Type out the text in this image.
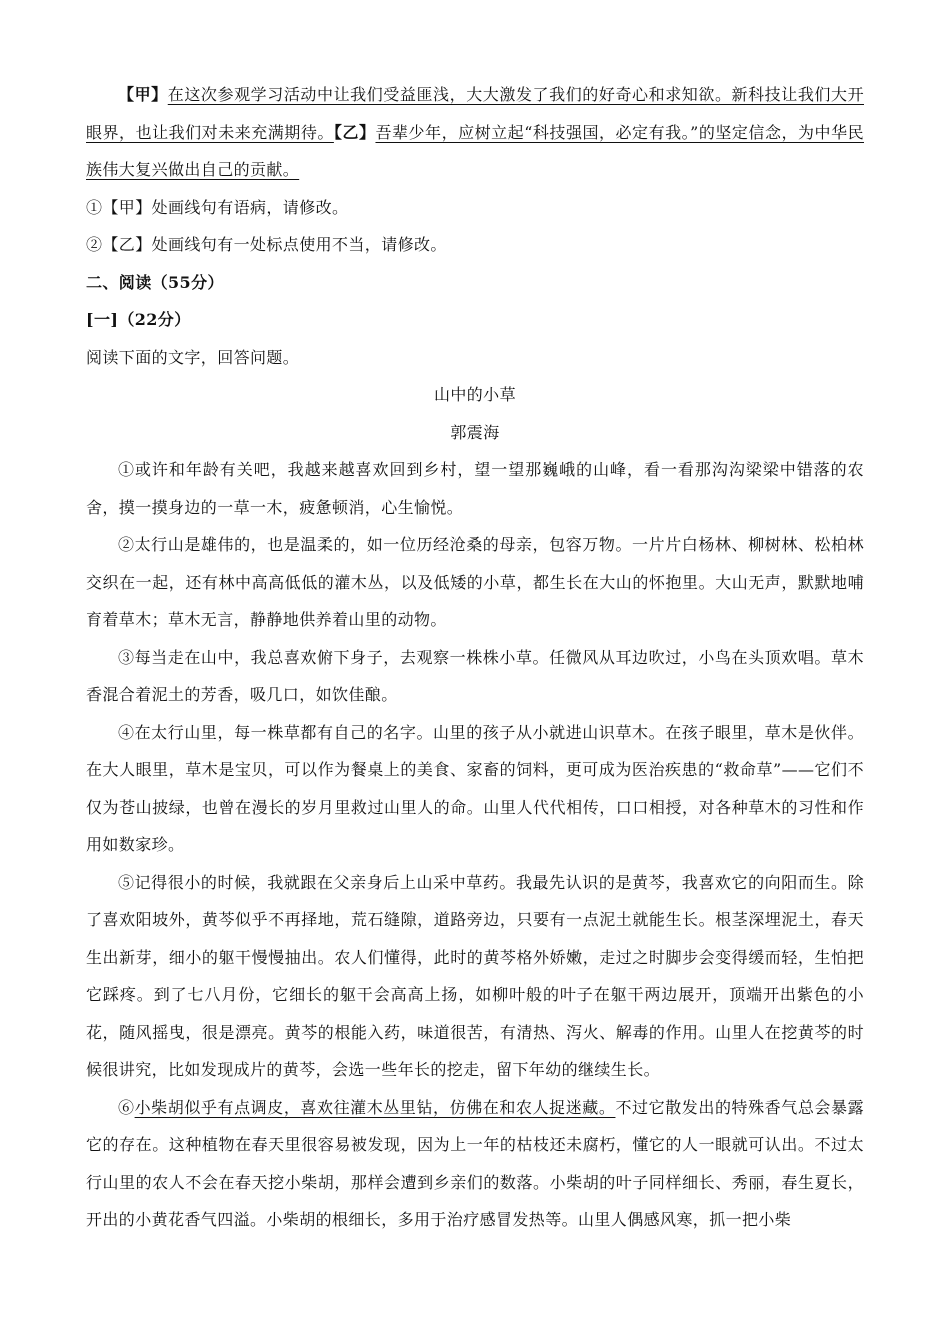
【甲】在这次参观学习活动中让我们受益匪浅，大大激发了我们的好奇心和求知欲。新科技让我们大开眼界，也让我们对未来充满期待。【乙】吾辈少年，应树立起“科技强国，必定有我。”的坚定信念，为中华民族伟大复兴做出自己的贡献。

①【甲】处画线句有语病，请修改。

②【乙】处画线句有一处标点使用不当，请修改。

二、阅读（55分）

[一]（22分）

阅读下面的文字，回答问题。

山中的小草

郭震海

①或许和年龄有关吧，我越来越喜欢回到乡村，望一望那巍峨的山峰，看一看那沟沟梁梁中错落的农舍，摸一摸身边的一草一木，疲惫顿消，心生愉悦。

②太行山是雄伟的，也是温柔的，如一位历经沧桑的母亲，包容万物。一片片白杨林、柳树林、松柏林交织在一起，还有林中高高低低的灌木丛，以及低矮的小草，都生长在大山的怀抱里。大山无声，默默地哺育着草木；草木无言，静静地供养着山里的动物。

③每当走在山中，我总喜欢俯下身子，去观察一株株小草。任微风从耳边吹过，小鸟在头顶欢唱。草木香混合着泥土的芳香，吸几口，如饮佳酿。

④在太行山里，每一株草都有自己的名字。山里的孩子从小就进山识草木。在孩子眼里，草木是伙伴。在大人眼里，草木是宝贝，可以作为餐桌上的美食、家畜的饲料，更可成为医治疾患的“救命草”——它们不仅为苍山披绿，也曾在漫长的岁月里救过山里人的命。山里人代代相传，口口相授，对各种草木的习性和作用如数家珍。

⑤记得很小的时候，我就跟在父亲身后上山采中草药。我最先认识的是黄芩，我喜欢它的向阳而生。除了喜欢阳坡外，黄芩似乎不再择地，荒石缝隙，道路旁边，只要有一点泥土就能生长。根茎深埋泥土，春天生出新芽，细小的躯干慢慢抽出。农人们懂得，此时的黄芩格外娇嫩，走过之时脚步会变得缓而轻，生怕把它踩疼。到了七八月份，它细长的躯干会高高上扬，如柳叶般的叶子在躯干两边展开，顶端开出紫色的小花，随风摇曳，很是漂亮。黄芩的根能入药，味道很苦，有清热、泻火、解毒的作用。山里人在挖黄芩的时候很讲究，比如发现成片的黄芩，会选一些年长的挖走，留下年幼的继续生长。

⑥小柴胡似乎有点调皮，喜欢往灌木丛里钻，仿佛在和农人捉迷藏。不过它散发出的特殊香气总会暴露它的存在。这种植物在春天里很容易被发现，因为上一年的枯枝还未腐朽，懂它的人一眼就可认出。不过太行山里的农人不会在春天挖小柴胡，那样会遭到乡亲们的数落。小柴胡的叶子同样细长、秀丽，春生夏长，开出的小黄花香气四溢。小柴胡的根细长，多用于治疗感冒发热等。山里人偶感风寒，抓一把小柴
